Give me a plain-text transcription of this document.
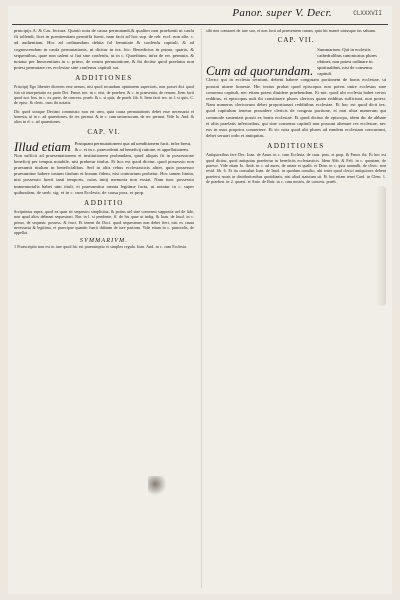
Panor. super V. Decr.	CLXXXVII
principijs A. & Cas. lectura. Quartò nota de causa permutandi,& qualiter non praefumit ut caufa fit tollendi, licet in poenitentiam permiffa fuerit, nam facit ad hoc sup. de reb. eccl. non alie. c. ad audientiam. Hoc ad ordinandum debita fol lemnitate & confenfu capituli, & ad cognoscendum in caufa permutationis, ut dicitur in tex. hic: Benedictus in primo, quarto, & sequentibus, quae non ualent si fiat sine confenfu, ut in c. Quaefitum, infra de rer. permuta. & notatur per Innocentium in c. primo, de rerum permutatione, & ibi dicitur quod praelatus non potest permutare res ecclesiae sine confensu capituli sui.
ADDITIONES
Principij Ego libenter dicerem esse uerum, nisi quod secundum opinionem superioris, non posset dici quod ista sit interpretatio ex parte Dei. Panor. not. in c. nisi, de praeben. & c. in praesentia, de renunc. Item facit quod not. Inn. in c. ex parte, de concess. praeb. & c. si quis, de praeb. lib. 6. Item facit tex. in l. si quis, C. de episc. & cleric. cum ibi notatis.
Dic quod utraque Deciani commissio non est uera, quia causa permutationis debet esse necessaria et honesta, ut in c. ad quaestiones, de rer. permut. & in c. cum uniuersorum, de rer. permut. Vide Io. And. & alios in d. c. ad quaestiones.
CAP. VI.
Illud etiam Postquam permutationem qua ad uenditionem facit, infra breui, & c. et in c. praecedenti ad beneficij ratione, et appellationem.
Non sufficit ad praesentationem et institutionem probandam, quod aliquis fit in possessione beneficij per tempus notabile, nisi probetur titulus. Et hoc est quod dicitur, quod possessio non praesumit titulum in beneficialibus. Sed in aliis rebus ecclesiasticis aliter, quia possessor praesumitur habere iustum titulum et bonam fidem, nisi contrarium probetur. Hoc tamen limita, nisi possessio fuerit tanti temporis, cuius initij memoria non exstat. Nam tunc possessio immemorialis habet uim tituli, et praesumitur omnia legitime facta, ut notatur in c. super quibusdam, de uerb. sig. et in c. cum Ecclesia, de causa poss. et prop.
ADDITIO
Scripsimus supra, quod ea quae sit sequestro simplicitur, & potius uel sine consensu supposita uel de fide, non apud alios debeant sequestrari. Bar. in l. si pendente, ff. de his quae ut indig. & Ioan. de Imol. in c. primo, de sequestr. possess. & fruct. Et tenent ibi Doct. quod sequestrum non debet fieri, nisi ex causa necessaria & legitima, et praecipue quando fuerit dubium de iure partium. Vide etiam in c. pastoralis, de appellat.
SVMMARIVM.
1 Praescriptio non est in iure quod hic est praesumptio et simplex regula. Ioan. And. in c. cum Ecclesia.
sibi non constaret de iure suo, et non facit ad praesentem casum, quia hic manet utriusque ius saluum.
CAP. VII.
Cum ad quorundam.
Summarium. Qui in ecclesiis cathedralibus canonicatus plures obtinet, non potest ordinare in spiritualibus, nisi de consensu capituli.
Clerici qui in ecclesia seruiunt, debent habere congruam portionem de bonis ecclesiae, ut possint uiuere honeste. Hic textus probat quod episcopus non potest unire ecclesias sine consensu capituli, nec etiam potest diuidere praebendam. Et not. quod ubi ecclesia habet certos redditus, et episcopus uult ibi constituere plures clericos quam redditus sufficiunt, non potest. Nam numerus clericorum debet proportionari redditibus ecclesiae. Et hoc est quod dicit tex. quod capitulum tenetur prouidere clericis de congrua portione, et non ultra numerum qui commode sustentari possit ex bonis ecclesiae. Et quod dicitur de episcopo, idem dic de abbate et aliis praelatis inferioribus, qui sine consensu capituli non possunt alienare res ecclesiae, nec eas in usus proprios conuertere. Et sic nota quod ubi plures ad eandem ecclesiam concurrunt, debet seruari ordo et antiquitas.
ADDITIONES
Antiquioribus fere Dec. Ioan. de Anan. in c. cum Ecclesia, de caus. poss. et prop. & Panor. ibi. Et hoc est quod dicitur, quod antiquitas praefertur in beneficiis ecclesiasticis. Idem Abb. & Feli. in c. quoniam, de praescr. Vide etiam Io. Andr. in c. ad aures, de aetate et qualit. et Dom. in c. quia nonnulli, de cleric. non resid. lib. 6. Et ita consuluit Ioan. de Imol. in quodam consilio, ubi tenet quod clerici antiquiores debent praeferri nouis in distributionibus quotidianis, nisi aliud statutum sit. Et hoc etiam tenet Card. in Clem. 1. de praeben. in 2. quaest. et Anto. de Butr. in c. cum nostris, de concess. praeb.
